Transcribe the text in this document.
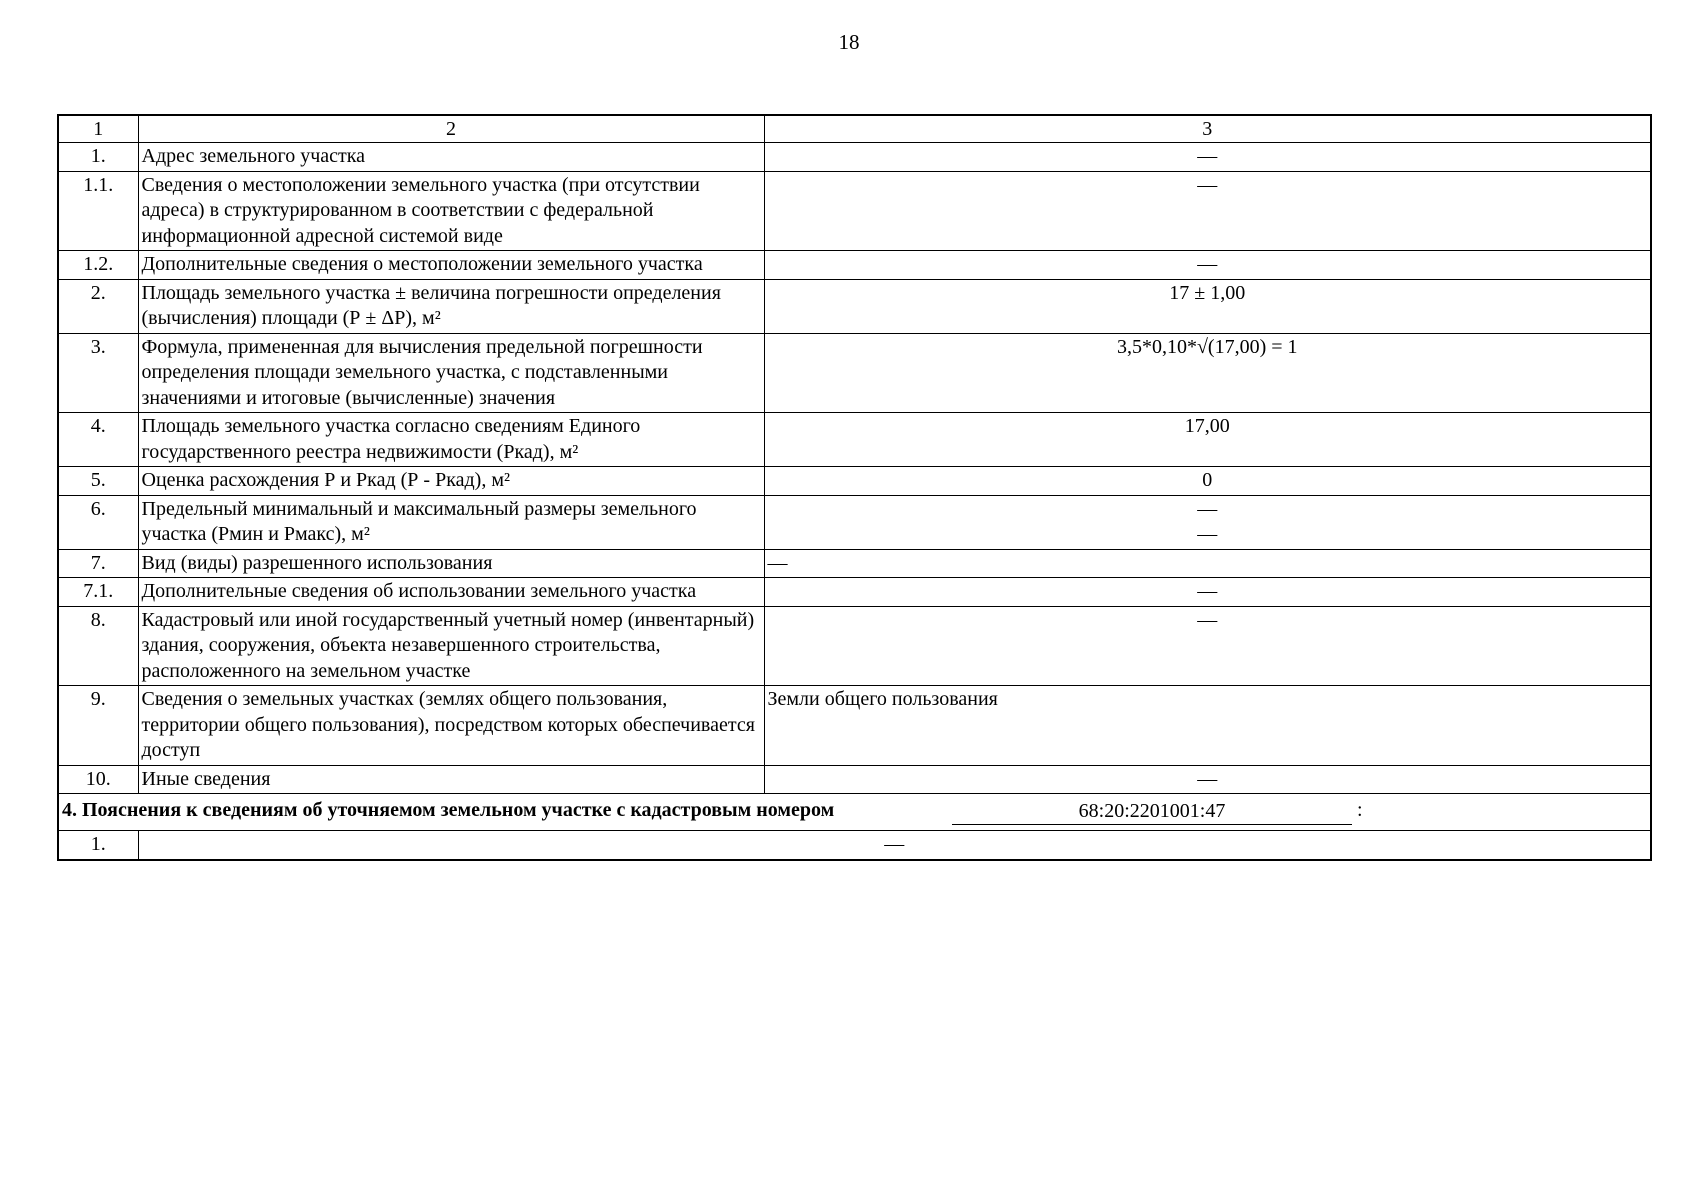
18
1	2	3
1.	Адрес земельного участка	—
1.1.	Сведения о местоположении земельного участка (при отсутствии адреса) в структурированном в соответствии с федеральной информационной адресной системой виде	—
1.2.	Дополнительные сведения о местоположении земельного участка	—
2.	Площадь земельного участка ± величина погрешности определения (вычисления) площади (Р ± ΔР), м²	17 ± 1,00
3.	Формула, примененная для вычисления предельной погрешности определения площади земельного участка, с подставленными значениями и итоговые (вычисленные) значения	3,5*0,10*√(17,00) = 1
4.	Площадь земельного участка согласно сведениям Единого государственного реестра недвижимости (Ркад), м²	17,00
5.	Оценка расхождения Р и Ркад (Р - Ркад), м²	0
6.	Предельный минимальный и максимальный размеры земельного участка (Рмин и Рмакс), м²	—
—

7.	Вид (виды) разрешенного использования	—
7.1.	Дополнительные сведения об использовании земельного участка	—
8.	Кадастровый или иной государственный учетный номер (инвентарный) здания, сооружения, объекта незавершенного строительства, расположенного на земельном участке	—
9.	Сведения о земельных участках (землях общего пользования, территории общего пользования), посредством которых обеспечивается доступ	Земли общего пользования
10.	Иные сведения	—

4. Пояснения к сведениям об уточняемом земельном участке с кадастровым номером 68:20:2201001:47 :		

1.	—	
